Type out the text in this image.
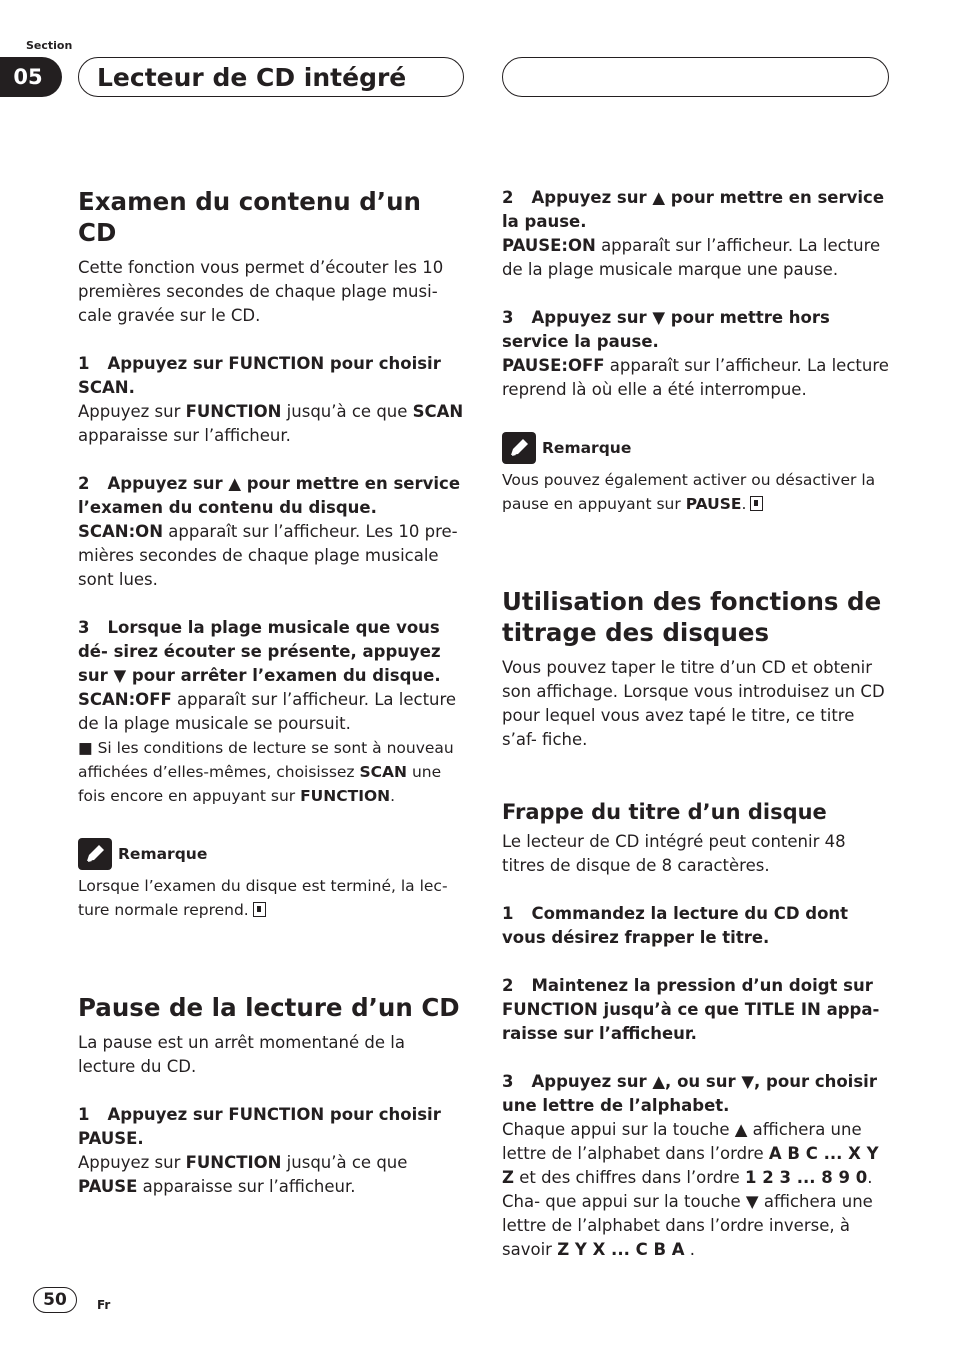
Section
05	Lecteur de CD intégré
Examen du contenu d’un CD

Cette fonction vous permet d’écouter les 10 premières secondes de chaque plage musi- cale gravée sur le CD.

1 Appuyez sur FUNCTION pour choisir SCAN.

Appuyez sur FUNCTION jusqu’à ce que SCAN apparaisse sur l’afficheur.

2 Appuyez sur ▲ pour mettre en service l’examen du contenu du disque.

SCAN:ON apparaît sur l’afficheur. Les 10 pre- mières secondes de chaque plage musicale sont lues.

3 Lorsque la plage musicale que vous dé- sirez écouter se présente, appuyez sur ▼ pour arrêter l’examen du disque.

SCAN:OFF apparaît sur l’afficheur. La lecture de la plage musicale se poursuit.

■ Si les conditions de lecture se sont à nouveau affichées d’elles-mêmes, choisissez SCAN une fois encore en appuyant sur FUNCTION.

Remarque

Lorsque l’examen du disque est terminé, la lec- ture normale reprend.

Pause de la lecture d’un CD

La pause est un arrêt momentané de la lecture du CD.

1 Appuyez sur FUNCTION pour choisir PAUSE.

Appuyez sur FUNCTION jusqu’à ce que PAUSE apparaisse sur l’afficheur.

2 Appuyez sur ▲ pour mettre en service la pause.

PAUSE:ON apparaît sur l’afficheur. La lecture de la plage musicale marque une pause.

3 Appuyez sur ▼ pour mettre hors service la pause.

PAUSE:OFF apparaît sur l’afficheur. La lecture reprend là où elle a été interrompue.

Remarque

Vous pouvez également activer ou désactiver la pause en appuyant sur PAUSE.

Utilisation des fonctions de titrage des disques

Vous pouvez taper le titre d’un CD et obtenir son affichage. Lorsque vous introduisez un CD pour lequel vous avez tapé le titre, ce titre s’af- fiche.

Frappe du titre d’un disque

Le lecteur de CD intégré peut contenir 48 titres de disque de 8 caractères.

1 Commandez la lecture du CD dont vous désirez frapper le titre.

2 Maintenez la pression d’un doigt sur FUNCTION jusqu’à ce que TITLE IN appa- raisse sur l’afficheur.

3 Appuyez sur ▲, ou sur ▼, pour choisir une lettre de l’alphabet.

Chaque appui sur la touche ▲ affichera une lettre de l’alphabet dans l’ordre A B C ... X Y Z et des chiffres dans l’ordre 1 2 3 ... 8 9 0. Cha- que appui sur la touche ▼ affichera une lettre de l’alphabet dans l’ordre inverse, à savoir Z Y X ... C B A .

50	Fr
